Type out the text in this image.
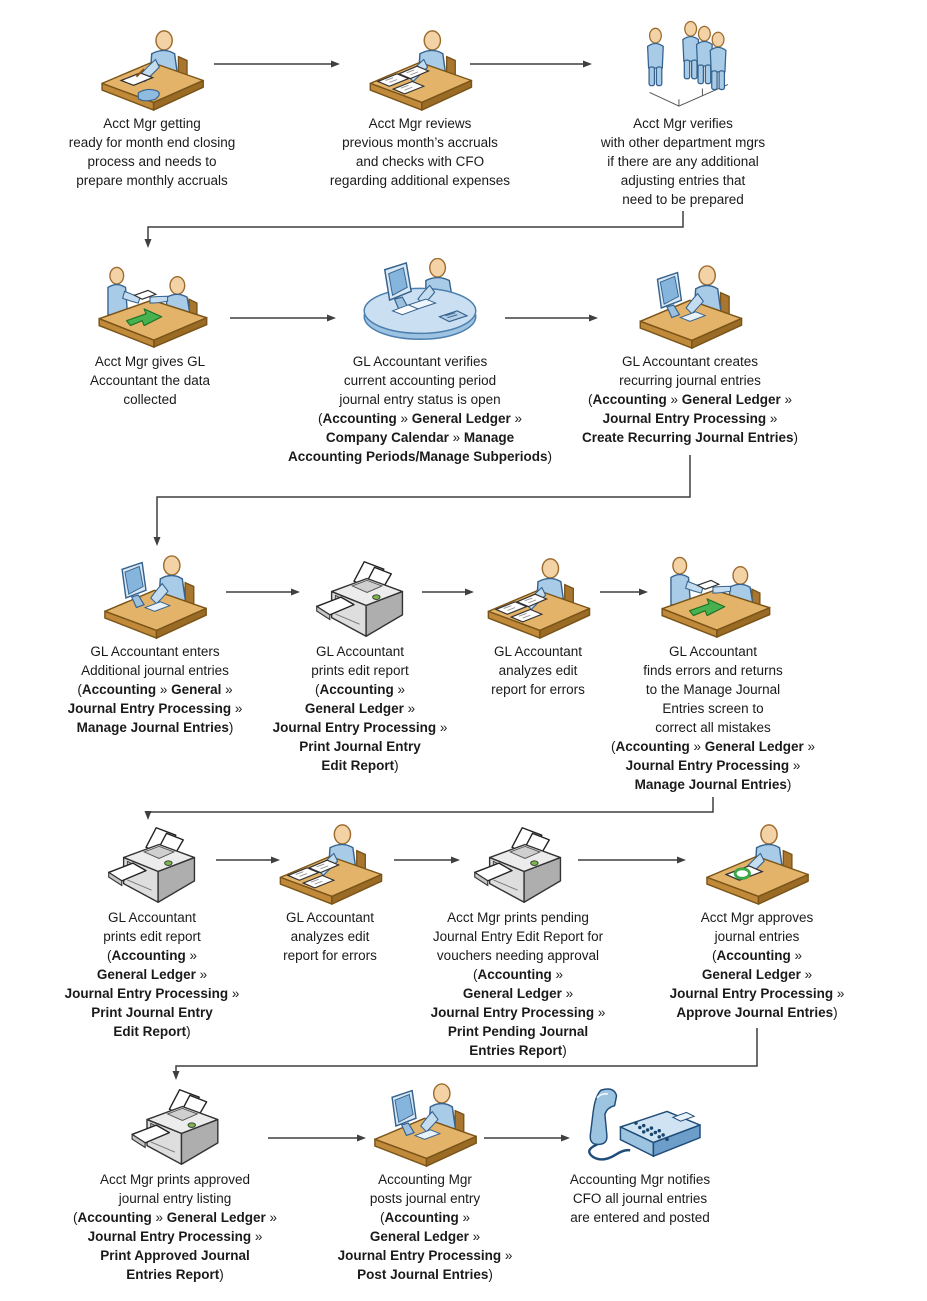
Acct Mgr getting
ready for month end closing
process and needs to
prepare monthly accruals
Acct Mgr reviews
previous month’s accruals
and checks with CFO
regarding additional expenses
Acct Mgr verifies
with other department mgrs
if there are any additional
adjusting entries that
need to be prepared
Acct Mgr gives GL
Accountant the data
collected
GL Accountant verifies
current accounting period
journal entry status is open
(Accounting » General Ledger »
Company Calendar » Manage
Accounting Periods/Manage Subperiods)
GL Accountant creates
recurring journal entries
(Accounting » General Ledger »
Journal Entry Processing »
Create Recurring Journal Entries)
GL Accountant enters
Additional journal entries
(Accounting » General »
Journal Entry Processing »
Manage Journal Entries)
GL Accountant
prints edit report
(Accounting »
General Ledger »
Journal Entry Processing »
Print Journal Entry
Edit Report)
GL Accountant
analyzes edit
report for errors
GL Accountant
finds errors and returns
to the Manage Journal
Entries screen to
correct all mistakes
(Accounting » General Ledger »
Journal Entry Processing »
Manage Journal Entries)
GL Accountant
prints edit report
(Accounting »
General Ledger »
Journal Entry Processing »
Print Journal Entry
Edit Report)
GL Accountant
analyzes edit
report for errors
Acct Mgr prints pending
Journal Entry Edit Report for
vouchers needing approval
(Accounting »
General Ledger »
Journal Entry Processing »
Print Pending Journal
Entries Report)
Acct Mgr approves
journal entries
(Accounting »
General Ledger »
Journal Entry Processing »
Approve Journal Entries)
Acct Mgr prints approved
journal entry listing
(Accounting » General Ledger »
Journal Entry Processing »
Print Approved Journal
Entries Report)
Accounting Mgr
posts journal entry
(Accounting »
General Ledger »
Journal Entry Processing »
Post Journal Entries)
Accounting Mgr notifies
CFO all journal entries
are entered and posted
